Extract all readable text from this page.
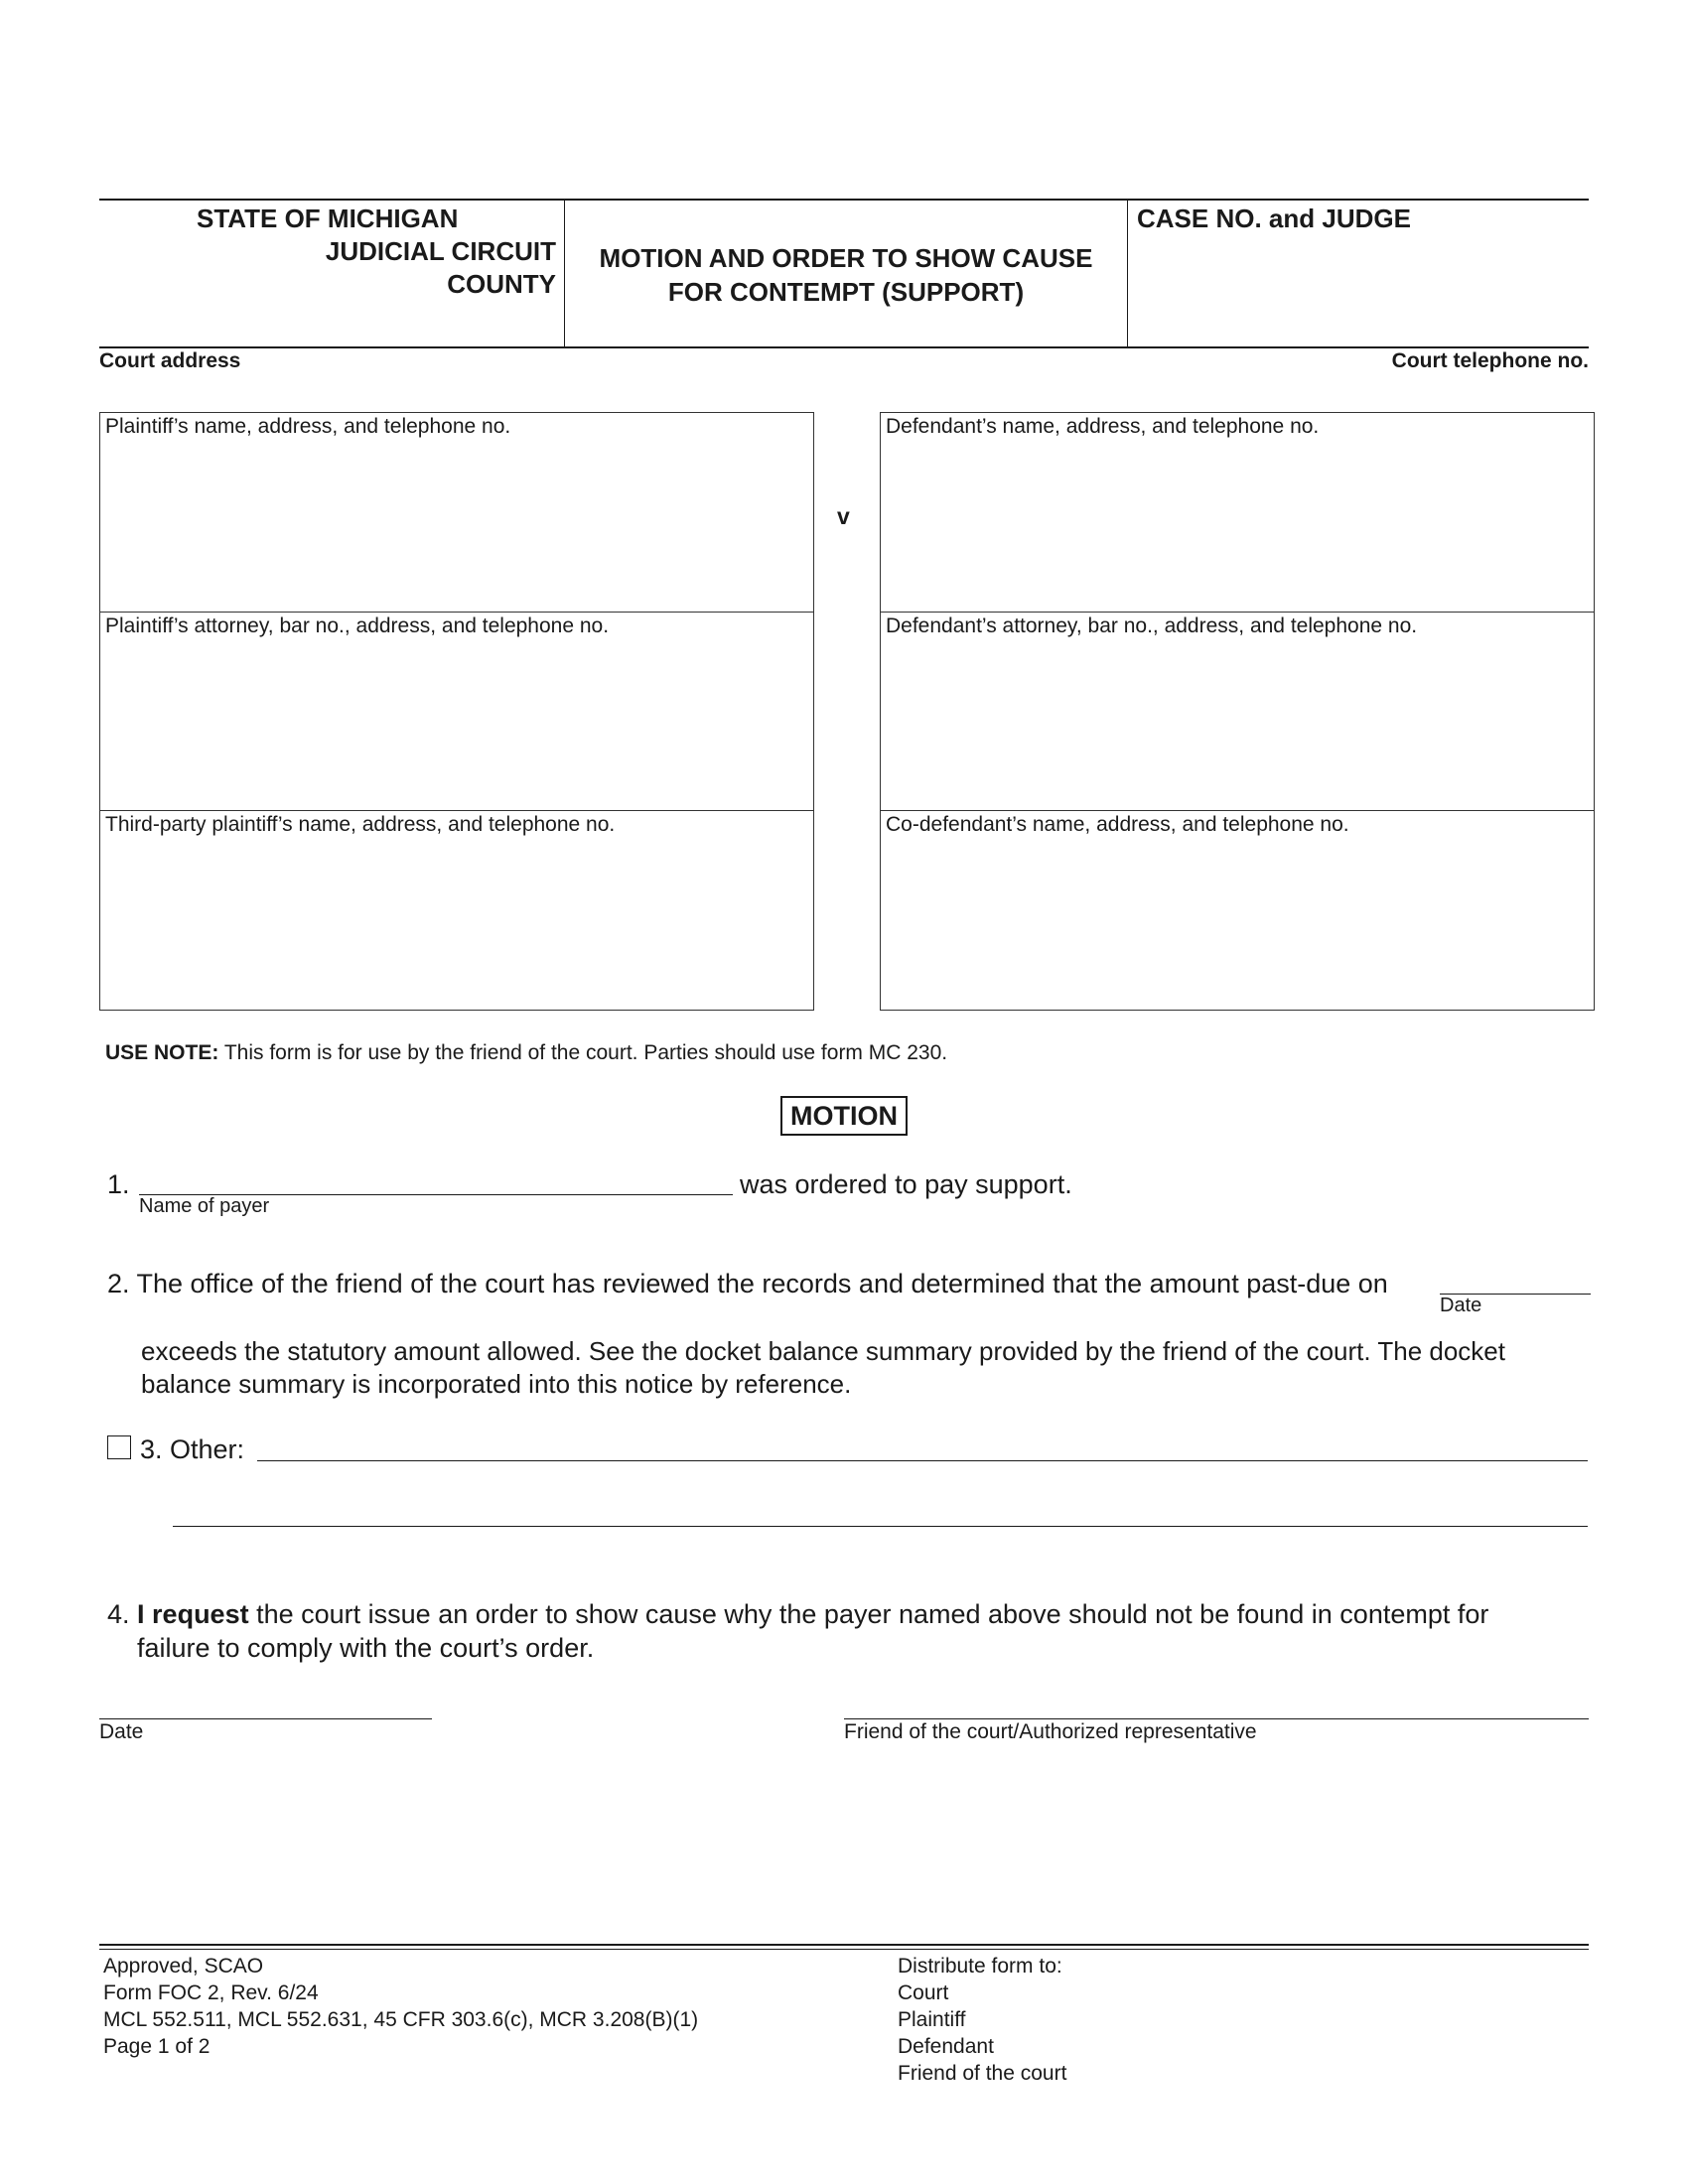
STATE OF MICHIGAN
JUDICIAL CIRCUIT
COUNTY
MOTION AND ORDER TO SHOW CAUSE
FOR CONTEMPT (SUPPORT)
CASE NO. and JUDGE
Court address	Court telephone no.
Plaintiff’s name, address, and telephone no.
Plaintiff’s attorney, bar no., address, and telephone no.
Third-party plaintiff’s name, address, and telephone no.
v
Defendant’s name, address, and telephone no.
Defendant’s attorney, bar no., address, and telephone no.
Co-defendant’s name, address, and telephone no.
USE NOTE: This form is for use by the friend of the court. Parties should use form MC 230.
MOTION
1.
Name of payer
was ordered to pay support.
2. The office of the friend of the court has reviewed the records and determined that the amount past-due on
Date
exceeds the statutory amount allowed. See the docket balance summary provided by the friend of the court. The docket
balance summary is incorporated into this notice by reference.
3. Other:
4. I request the court issue an order to show cause why the payer named above should not be found in contempt for
failure to comply with the court’s order.
Date	Friend of the court/Authorized representative
Approved, SCAO
Form FOC 2, Rev. 6/24
MCL 552.511, MCL 552.631, 45 CFR 303.6(c), MCR 3.208(B)(1)
Page 1 of 2
Distribute form to:
Court
Plaintiff
Defendant
Friend of the court
